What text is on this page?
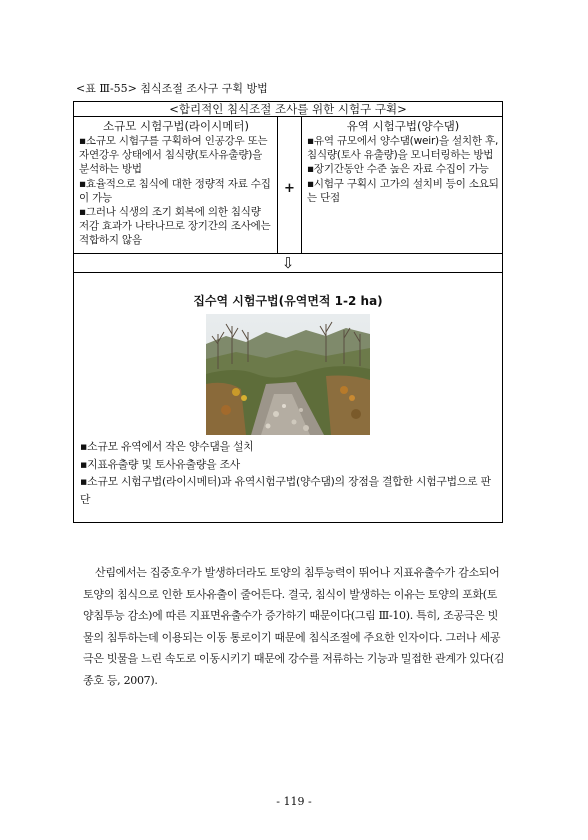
<표 Ⅲ-55> 침식조절 조사구 구획 방법
<합리적인 침식조절 조사를 위한 시험구 구획>
소규모 시험구법(라이시메터)
▪소규모 시험구를 구획하여 인공강우 또는 자연강우 상태에서 침식량(토사유출량)을 분석하는 방법
▪효율적으로 침식에 대한 정량적 자료 수집이 가능
▪그러나 식생의 조기 회복에 의한 침식량 저감 효과가 나타나므로 장기간의 조사에는 적합하지 않음
+
유역 시험구법(양수댐)
▪유역 규모에서 양수댐(weir)을 설치한 후, 침식량(토사 유출량)을 모니터링하는 방법
▪장기간동안 수준 높은 자료 수집이 가능
▪시험구 구획시 고가의 설치비 등이 소요되는 단점
⇩
집수역 시험구법(유역면적 1-2 ha)
▪소규모 유역에서 작은 양수댐을 설치
▪지표유출량 및 토사유출량을 조사
▪소규모 시험구법(라이시메터)과 유역시험구법(양수댐)의 장점을 결합한 시험구법으로 판단
산림에서는 집중호우가 발생하더라도 토양의 침투능력이 뛰어나 지표유출수가 감소되어 토양의 침식으로 인한 토사유출이 줄어든다. 결국, 침식이 발생하는 이유는 토양의 포화(토양침투능 감소)에 따른 지표면유출수가 증가하기 때문이다(그림 Ⅲ-10). 특히, 조공극은 빗물의 침투하는데 이용되는 이동 통로이기 때문에 침식조절에 주요한 인자이다. 그러나 세공극은 빗물을 느린 속도로 이동시키기 때문에 강수를 저류하는 기능과 밀접한 관계가 있다(김종호 등, 2007).
- 119 -
